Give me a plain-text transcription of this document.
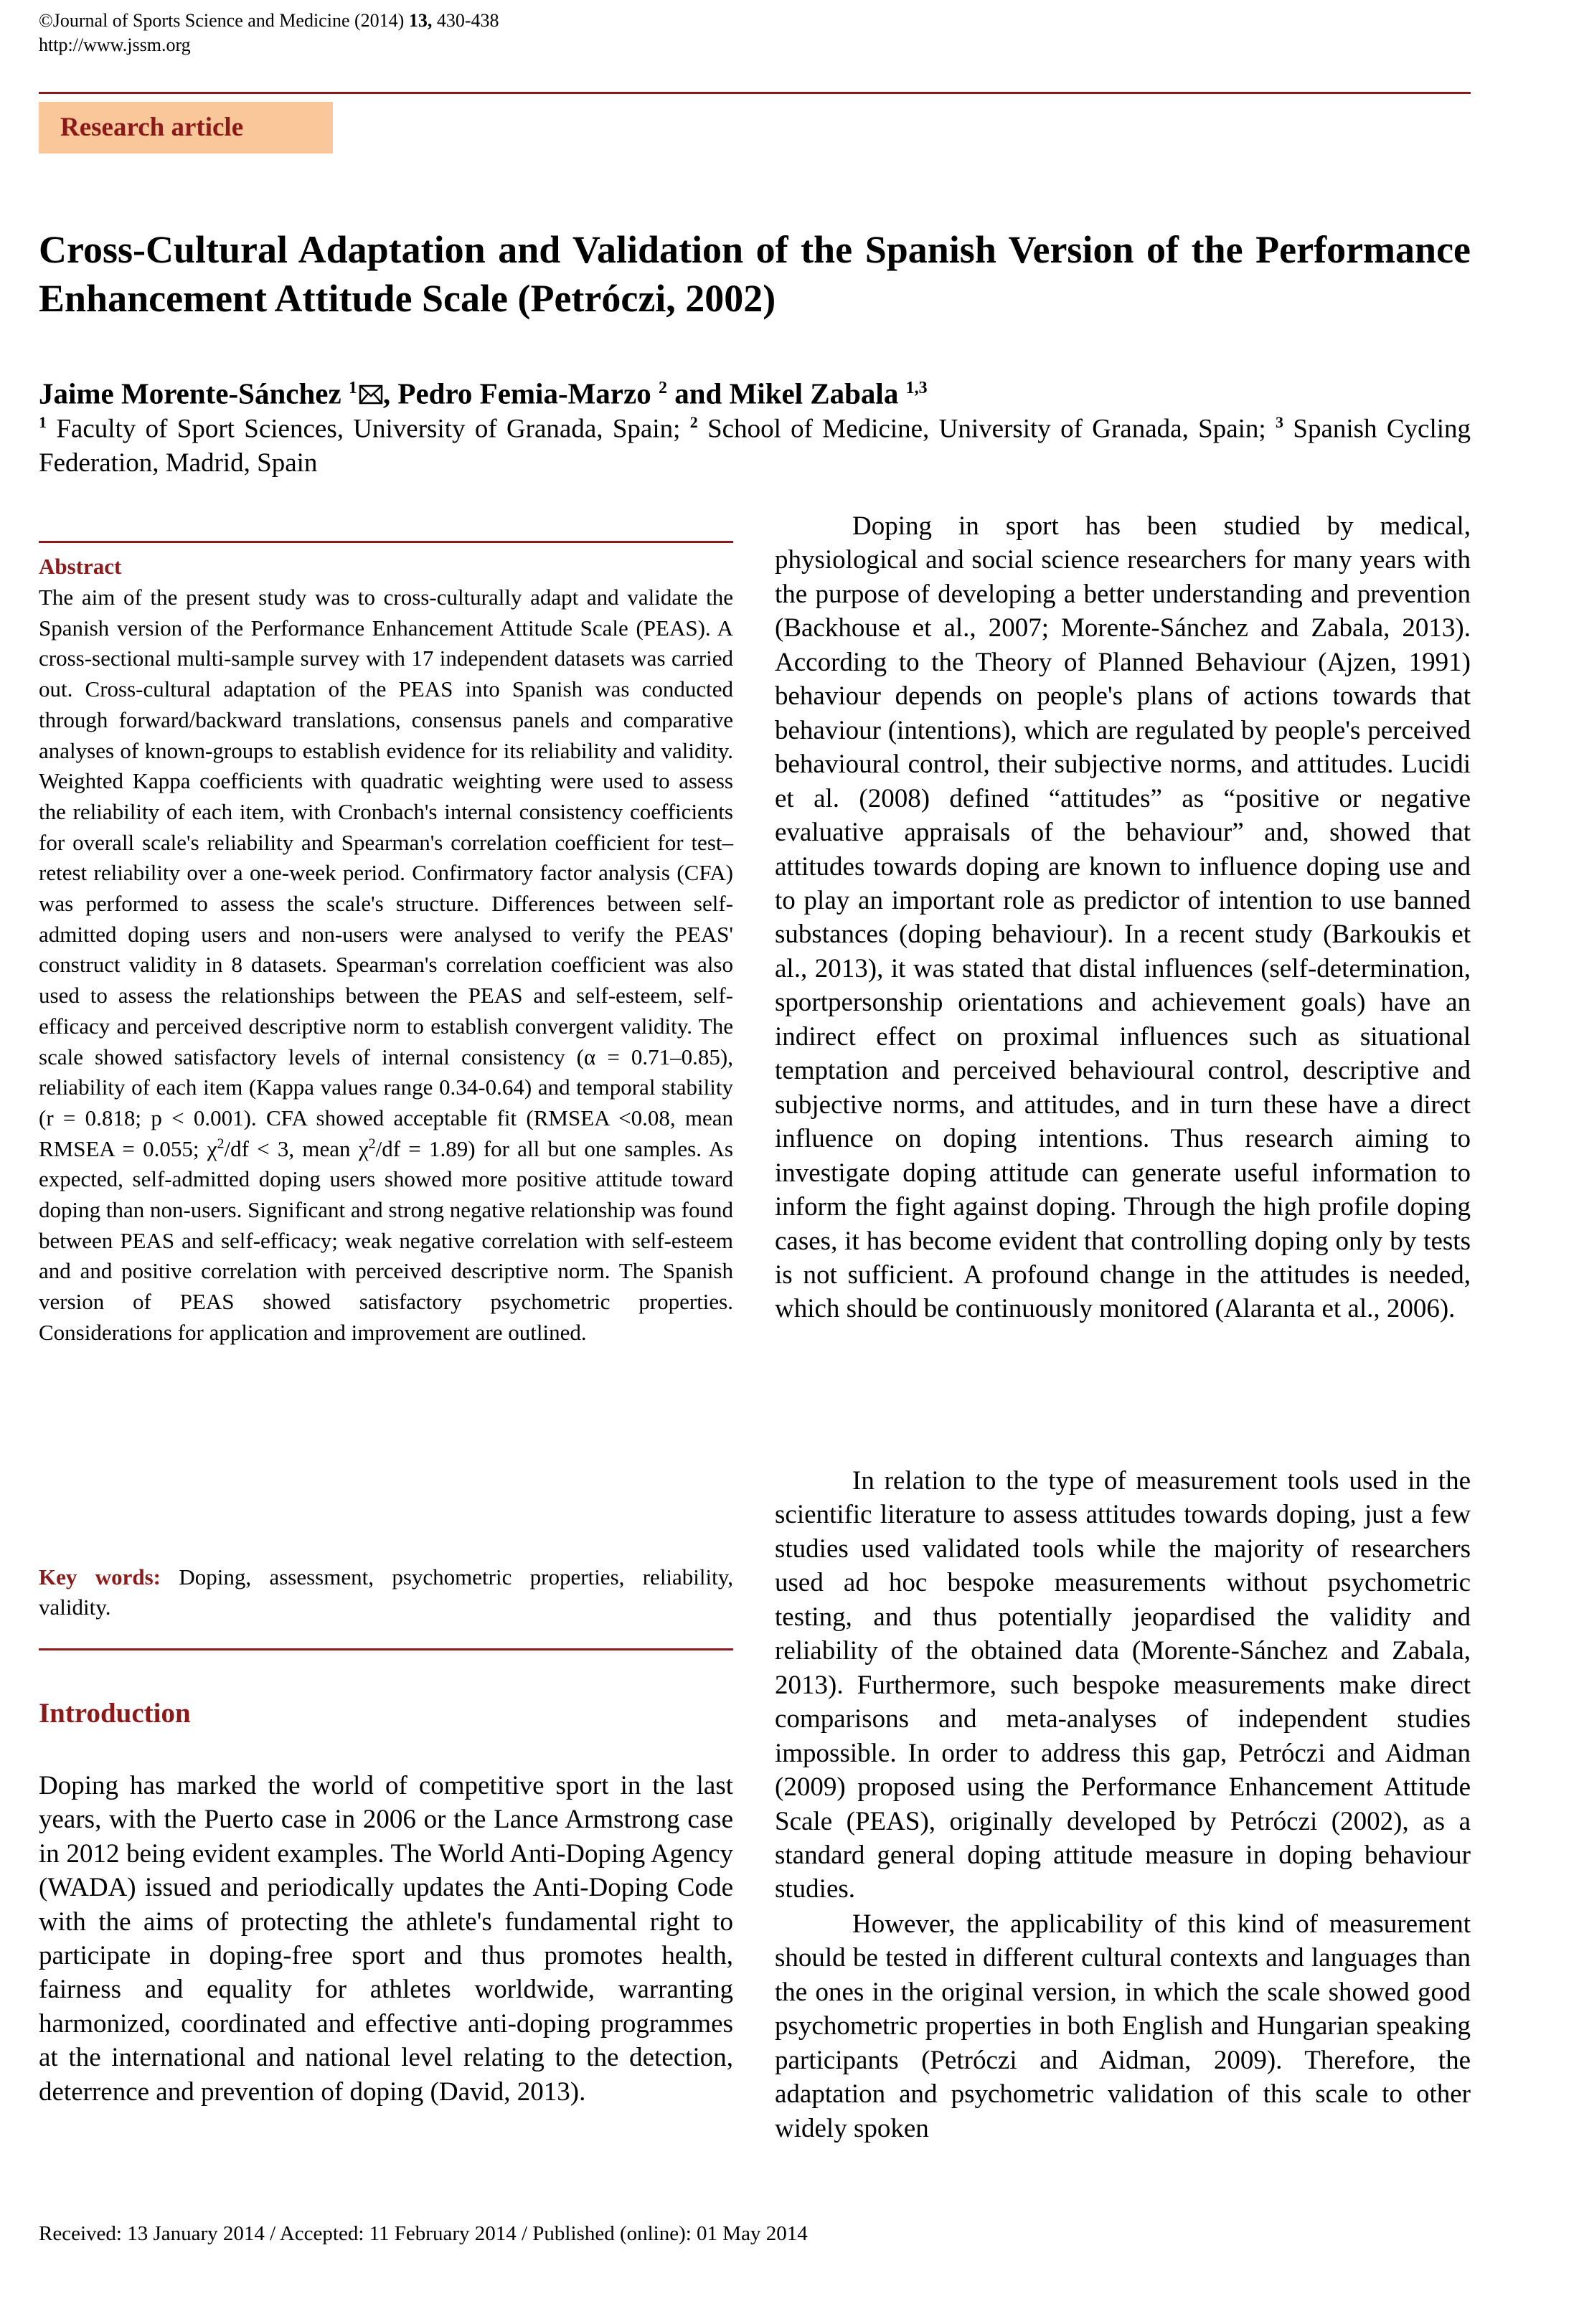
©Journal of Sports Science and Medicine (2014) 13, 430-438
http://www.jssm.org
Research article
Cross-Cultural Adaptation and Validation of the Spanish Version of the Performance Enhancement Attitude Scale (Petróczi, 2002)
Jaime Morente-Sánchez $^1$ , Pedro Femia-Marzo $^2$ and Mikel Zabala $^{1,3}$
$^1$ Faculty of Sport Sciences, University of Granada, Spain; $^2$ School of Medicine, University of Granada, Spain; $^3$ Spanish Cycling Federation, Madrid, Spain
Abstract
The aim of the present study was to cross-culturally adapt and validate the Spanish version of the Performance Enhancement Attitude Scale (PEAS). A cross-sectional multi-sample survey with 17 independent datasets was carried out. Cross-cultural adaptation of the PEAS into Spanish was conducted through forward/backward translations, consensus panels and comparative analyses of known-groups to establish evidence for its reliability and validity. Weighted Kappa coefficients with quadratic weighting were used to assess the reliability of each item, with Cronbach's internal consistency coefficients for overall scale's reliability and Spearman's correlation coefficient for test–retest reliability over a one-week period. Confirmatory factor analysis (CFA) was performed to assess the scale's structure. Differences between self-admitted doping users and non-users were analysed to verify the PEAS' construct validity in 8 datasets. Spearman's correlation coefficient was also used to assess the relationships between the PEAS and self-esteem, self-efficacy and perceived descriptive norm to establish convergent validity. The scale showed satisfactory levels of internal consistency (α = 0.71–0.85), reliability of each item (Kappa values range 0.34-0.64) and temporal stability (r = 0.818; p < 0.001). CFA showed acceptable fit (RMSEA <0.08, mean RMSEA = 0.055; $\chi^2/df < 3$, mean $\chi^2/df = 1.89$) for all but one samples. As expected, self-admitted doping users showed more positive attitude toward doping than non-users. Significant and strong negative relationship was found between PEAS and self-efficacy; weak negative correlation with self-esteem and and positive correlation with perceived descriptive norm. The Spanish version of PEAS showed satisfactory psychometric properties. Considerations for application and improvement are outlined.
Key words: Doping, assessment, psychometric properties, reliability, validity.
Introduction
Doping has marked the world of competitive sport in the last years, with the Puerto case in 2006 or the Lance Armstrong case in 2012 being evident examples. The World Anti-Doping Agency (WADA) issued and periodically updates the Anti-Doping Code with the aims of protecting the athlete's fundamental right to participate in doping-free sport and thus promotes health, fairness and equality for athletes worldwide, warranting harmonized, coordinated and effective anti-doping programmes at the international and national level relating to the detection, deterrence and prevention of doping (David, 2013).
Doping in sport has been studied by medical, physiological and social science researchers for many years with the purpose of developing a better understanding and prevention (Backhouse et al., 2007; Morente-Sánchez and Zabala, 2013). According to the Theory of Planned Behaviour (Ajzen, 1991) behaviour depends on people's plans of actions towards that behaviour (intentions), which are regulated by people's perceived behavioural control, their subjective norms, and attitudes. Lucidi et al. (2008) defined “attitudes” as “positive or negative evaluative appraisals of the behaviour” and, showed that attitudes towards doping are known to influence doping use and to play an important role as predictor of intention to use banned substances (doping behaviour). In a recent study (Barkoukis et al., 2013), it was stated that distal influences (self-determination, sportpersonship orientations and achievement goals) have an indirect effect on proximal influences such as situational temptation and perceived behavioural control, descriptive and subjective norms, and attitudes, and in turn these have a direct influence on doping intentions. Thus research aiming to investigate doping attitude can generate useful information to inform the fight against doping. Through the high profile doping cases, it has become evident that controlling doping only by tests is not sufficient. A profound change in the attitudes is needed, which should be continuously monitored (Alaranta et al., 2006).
In relation to the type of measurement tools used in the scientific literature to assess attitudes towards doping, just a few studies used validated tools while the majority of researchers used ad hoc bespoke measurements without psychometric testing, and thus potentially jeopardised the validity and reliability of the obtained data (Morente-Sánchez and Zabala, 2013). Furthermore, such bespoke measurements make direct comparisons and meta-analyses of independent studies impossible. In order to address this gap, Petróczi and Aidman (2009) proposed using the Performance Enhancement Attitude Scale (PEAS), originally developed by Petróczi (2002), as a standard general doping attitude measure in doping behaviour studies.
However, the applicability of this kind of measurement should be tested in different cultural contexts and languages than the ones in the original version, in which the scale showed good psychometric properties in both English and Hungarian speaking participants (Petróczi and Aidman, 2009). Therefore, the adaptation and psychometric validation of this scale to other widely spoken
Received: 13 January 2014 / Accepted: 11 February 2014 / Published (online): 01 May 2014
